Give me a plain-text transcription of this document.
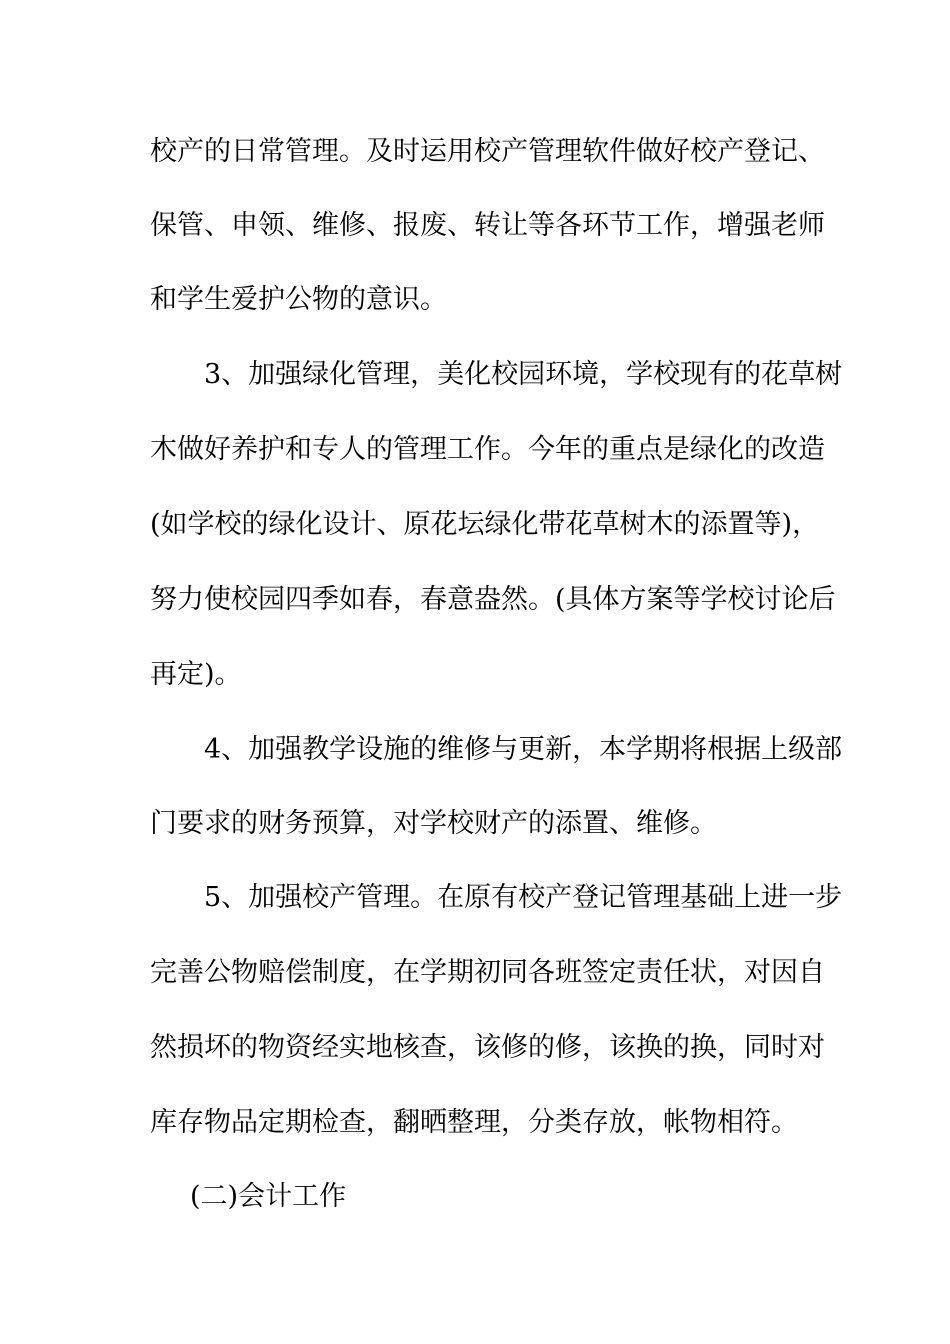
校产的日常管理。及时运用校产管理软件做好校产登记、
保管、申领、维修、报废、转让等各环节工作，增强老师
和学生爱护公物的意识。
3、加强绿化管理，美化校园环境，学校现有的花草树
木做好养护和专人的管理工作。今年的重点是绿化的改造
(如学校的绿化设计、原花坛绿化带花草树木的添置等)，
努力使校园四季如春，春意盎然。(具体方案等学校讨论后
再定)。
4、加强教学设施的维修与更新，本学期将根据上级部
门要求的财务预算，对学校财产的添置、维修。
5、加强校产管理。在原有校产登记管理基础上进一步
完善公物赔偿制度，在学期初同各班签定责任状，对因自
然损坏的物资经实地核查，该修的修，该换的换，同时对
库存物品定期检查，翻晒整理，分类存放，帐物相符。
(二)会计工作
